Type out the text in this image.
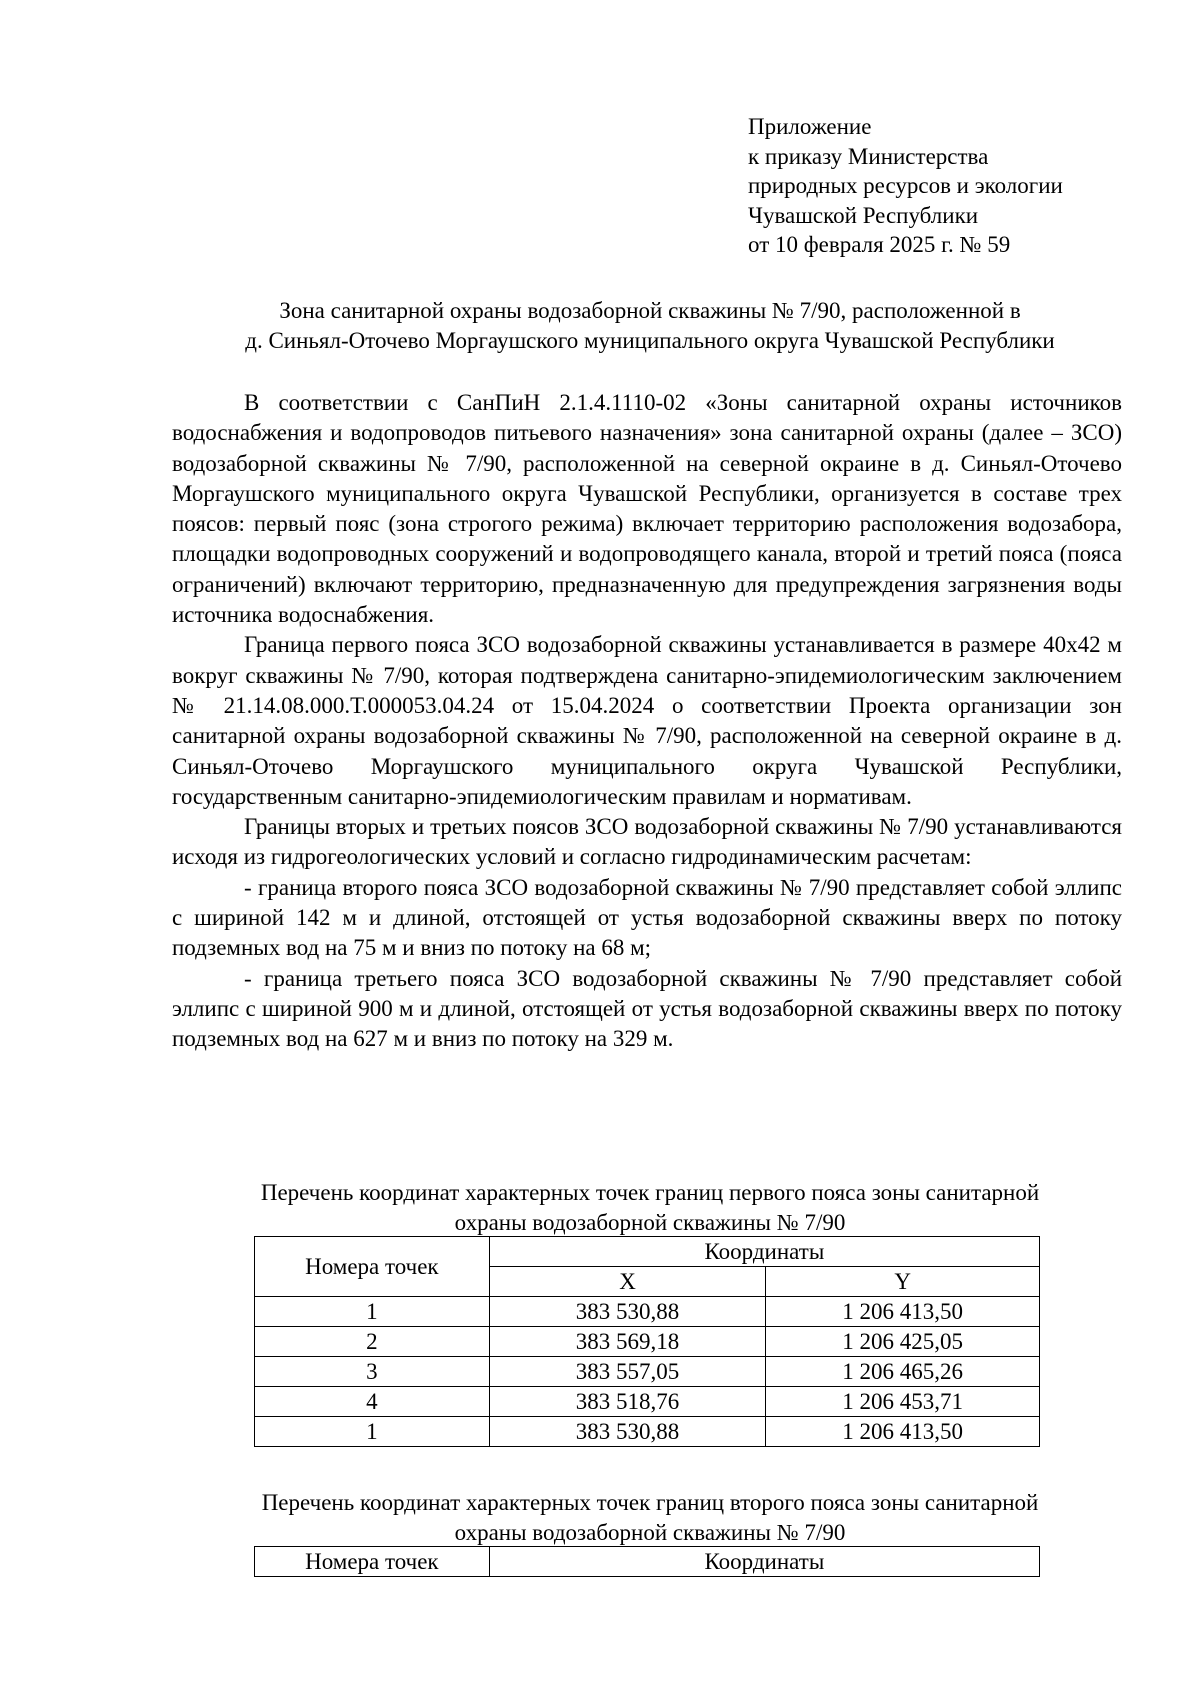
Приложение
к приказу Министерства
природных ресурсов и экологии
Чувашской Республики
от 10 февраля 2025 г. № 59
Зона санитарной охраны водозаборной скважины № 7/90, расположенной в
д. Синьял-Оточево Моргаушского муниципального округа Чувашской Республики

В соответствии с СанПиН 2.1.4.1110-02 «Зоны санитарной охраны источников водоснабжения и водопроводов питьевого назначения» зона санитарной охраны (далее – ЗСО) водозаборной скважины № 7/90, расположенной на северной окраине в д. Синьял-Оточево Моргаушского муниципального округа Чувашской Республики, организуется в составе трех поясов: первый пояс (зона строгого режима) включает территорию расположения водозабора, площадки водопроводных сооружений и водопроводящего канала, второй и третий пояса (пояса ограничений) включают территорию, предназначенную для предупреждения загрязнения воды источника водоснабжения.

Граница первого пояса ЗСО водозаборной скважины устанавливается в размере 40х42 м вокруг скважины № 7/90, которая подтверждена санитарно-эпидемиологическим заключением № 21.14.08.000.Т.000053.04.24 от 15.04.2024 о соответствии Проекта организации зон санитарной охраны водозаборной скважины № 7/90, расположенной на северной окраине в д. Синьял-Оточево Моргаушского муниципального округа Чувашской Республики, государственным санитарно-эпидемиологическим правилам и нормативам.

Границы вторых и третьих поясов ЗСО водозаборной скважины № 7/90 устанавливаются исходя из гидрогеологических условий и согласно гидродинамическим расчетам:

- граница второго пояса ЗСО водозаборной скважины № 7/90 представляет собой эллипс с шириной 142 м и длиной, отстоящей от устья водозаборной скважины вверх по потоку подземных вод на 75 м и вниз по потоку на 68 м;

- граница третьего пояса ЗСО водозаборной скважины № 7/90 представляет собой эллипс с шириной 900 м и длиной, отстоящей от устья водозаборной скважины вверх по потоку подземных вод на 627 м и вниз по потоку на 329 м.

Перечень координат характерных точек границ первого пояса зоны санитарной
охраны водозаборной скважины № 7/90
Номера точек	Координаты	
	X	Y
1	383 530,88	1 206 413,50
2	383 569,18	1 206 425,05
3	383 557,05	1 206 465,26
4	383 518,76	1 206 453,71
1	383 530,88	1 206 413,50
Перечень координат характерных точек границ второго пояса зоны санитарной
охраны водозаборной скважины № 7/90
Номера точек	Координаты
